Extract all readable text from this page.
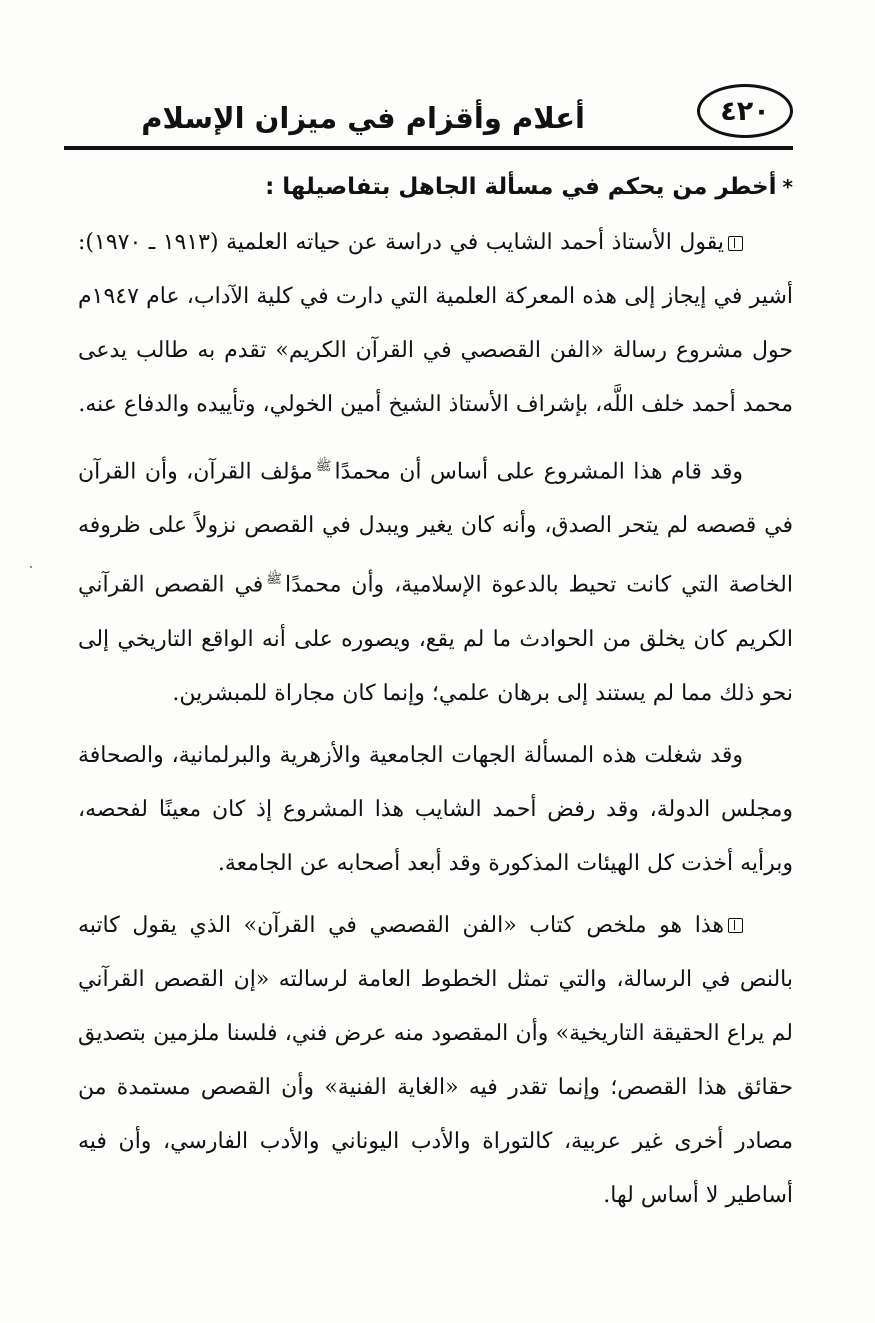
٤٢٠
أعلام وأقزام في ميزان الإسلام
*أخطر من يحكم في مسألة الجاهل بتفاصيلها :

يقول الأستاذ أحمد الشايب في دراسة عن حياته العلمية (١٩١٣ ـ ١٩٧٠): أشير في إيجاز إلى هذه المعركة العلمية التي دارت في كلية الآداب، عام ١٩٤٧م حول مشروع رسالة «الفن القصصي في القرآن الكريم» تقدم به طالب يدعى محمد أحمد خلف اللَّه، بإشراف الأستاذ الشيخ أمين الخولي، وتأييده والدفاع عنه.

وقد قام هذا المشروع على أساس أن محمدًا$^ﷺ$مؤلف القرآن، وأن القرآن في قصصه لم يتحر الصدق، وأنه كان يغير ويبدل في القصص نزولاً على ظروفه الخاصة التي كانت تحيط بالدعوة الإسلامية، وأن محمدًا$^ﷺ$في القصص القرآني الكريم كان يخلق من الحوادث ما لم يقع، ويصوره على أنه الواقع التاريخي إلى نحو ذلك مما لم يستند إلى برهان علمي؛ وإنما كان مجاراة للمبشرين.

وقد شغلت هذه المسألة الجهات الجامعية والأزهرية والبرلمانية، والصحافة ومجلس الدولة، وقد رفض أحمد الشايب هذا المشروع إذ كان معينًا لفحصه، وبرأيه أخذت كل الهيئات المذكورة وقد أبعد أصحابه عن الجامعة.

هذا هو ملخص كتاب «الفن القصصي في القرآن» الذي يقول كاتبه بالنص في الرسالة، والتي تمثل الخطوط العامة لرسالته «إن القصص القرآني لم يراع الحقيقة التاريخية» وأن المقصود منه عرض فني، فلسنا ملزمين بتصديق حقائق هذا القصص؛ وإنما تقدر فيه «الغاية الفنية» وأن القصص مستمدة من مصادر أخرى غير عربية، كالتوراة والأدب اليوناني والأدب الفارسي، وأن فيه أساطير لا أساس لها.
